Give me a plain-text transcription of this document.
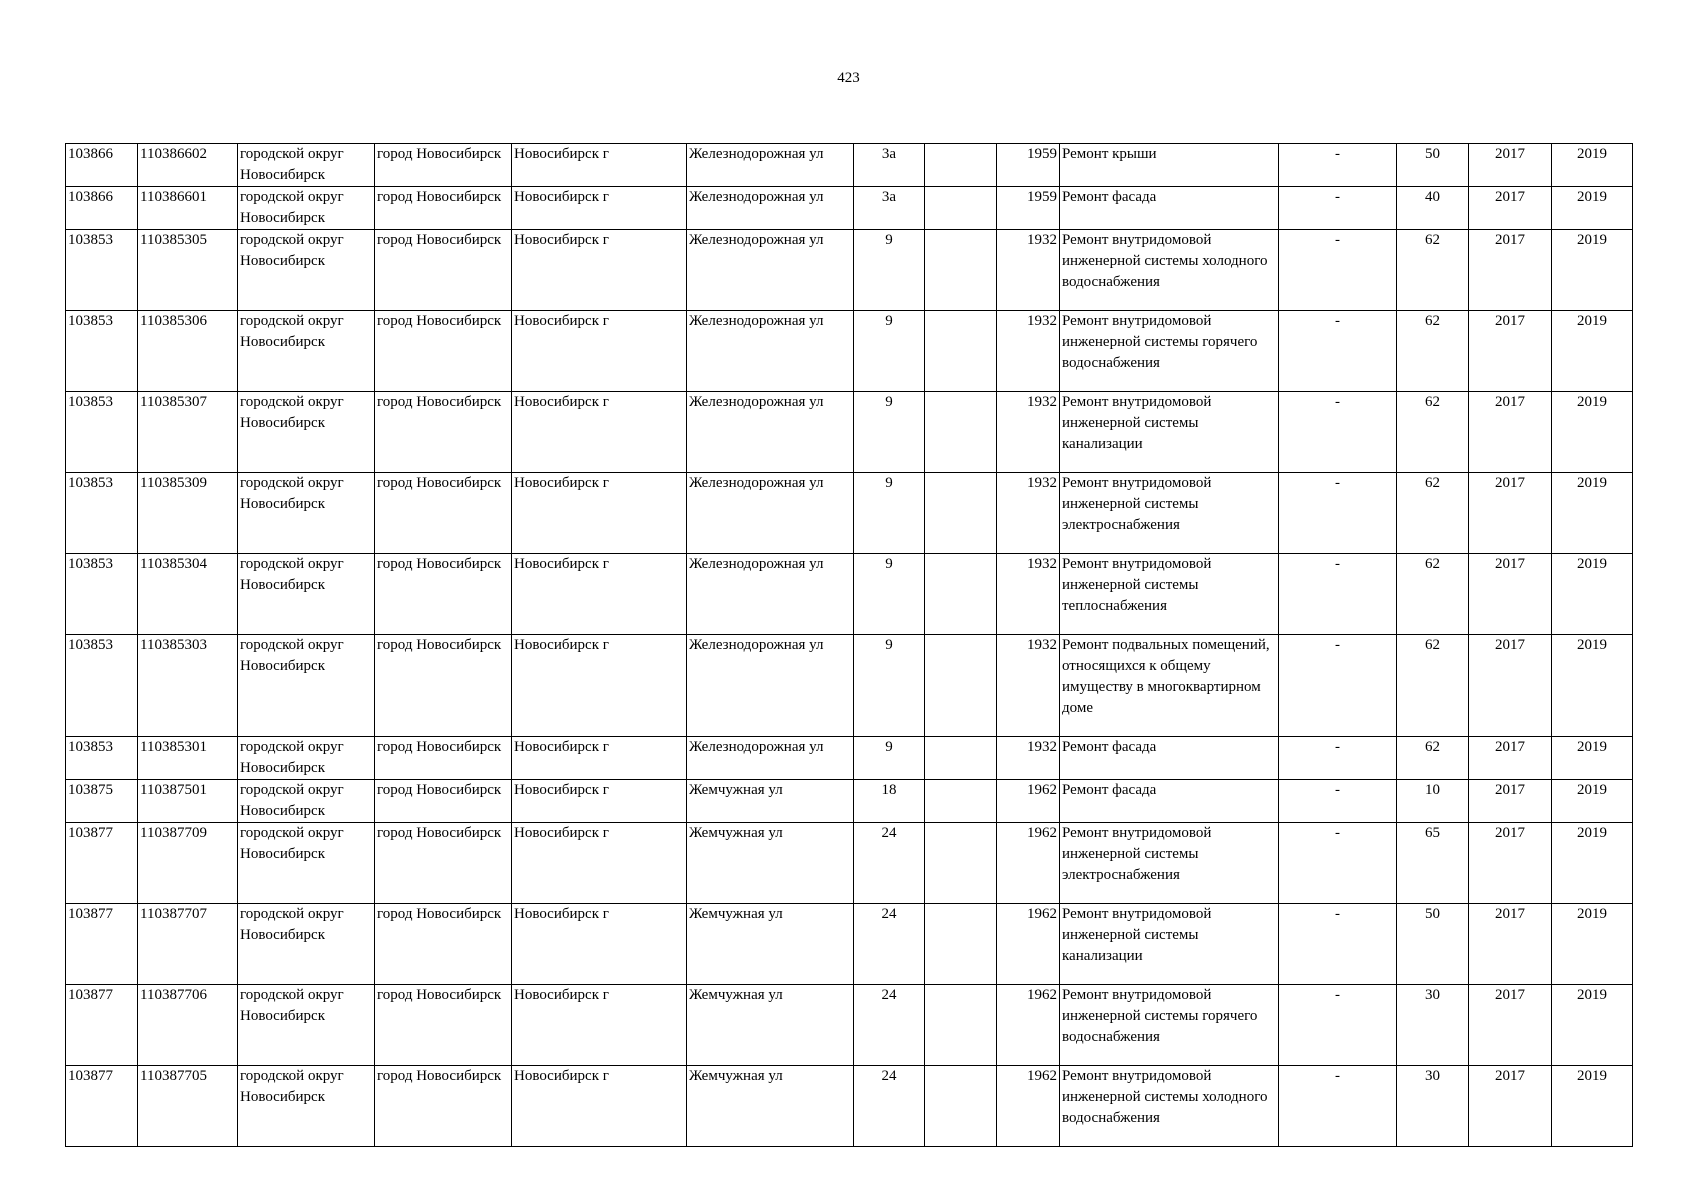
423
103866	110386602	городской округ Новосибирск	город Новосибирск	Новосибирск г	Железнодорожная ул	3а		1959	Ремонт крыши	-	50	2017	2019
103866	110386601	городской округ Новосибирск	город Новосибирск	Новосибирск г	Железнодорожная ул	3а		1959	Ремонт фасада	-	40	2017	2019
103853	110385305	городской округ Новосибирск	город Новосибирск	Новосибирск г	Железнодорожная ул	9		1932	Ремонт внутридомовой инженерной системы холодного водоснабжения	-	62	2017	2019
103853	110385306	городской округ Новосибирск	город Новосибирск	Новосибирск г	Железнодорожная ул	9		1932	Ремонт внутридомовой инженерной системы горячего водоснабжения	-	62	2017	2019
103853	110385307	городской округ Новосибирск	город Новосибирск	Новосибирск г	Железнодорожная ул	9		1932	Ремонт внутридомовой инженерной системы канализации	-	62	2017	2019
103853	110385309	городской округ Новосибирск	город Новосибирск	Новосибирск г	Железнодорожная ул	9		1932	Ремонт внутридомовой инженерной системы электроснабжения	-	62	2017	2019
103853	110385304	городской округ Новосибирск	город Новосибирск	Новосибирск г	Железнодорожная ул	9		1932	Ремонт внутридомовой инженерной системы теплоснабжения	-	62	2017	2019
103853	110385303	городской округ Новосибирск	город Новосибирск	Новосибирск г	Железнодорожная ул	9		1932	Ремонт подвальных помещений, относящихся к общему имуществу в многоквартирном доме	-	62	2017	2019
103853	110385301	городской округ Новосибирск	город Новосибирск	Новосибирск г	Железнодорожная ул	9		1932	Ремонт фасада	-	62	2017	2019
103875	110387501	городской округ Новосибирск	город Новосибирск	Новосибирск г	Жемчужная ул	18		1962	Ремонт фасада	-	10	2017	2019
103877	110387709	городской округ Новосибирск	город Новосибирск	Новосибирск г	Жемчужная ул	24		1962	Ремонт внутридомовой инженерной системы электроснабжения	-	65	2017	2019
103877	110387707	городской округ Новосибирск	город Новосибирск	Новосибирск г	Жемчужная ул	24		1962	Ремонт внутридомовой инженерной системы канализации	-	50	2017	2019
103877	110387706	городской округ Новосибирск	город Новосибирск	Новосибирск г	Жемчужная ул	24		1962	Ремонт внутридомовой инженерной системы горячего водоснабжения	-	30	2017	2019
103877	110387705	городской округ Новосибирск	город Новосибирск	Новосибирск г	Жемчужная ул	24		1962	Ремонт внутридомовой инженерной системы холодного водоснабжения	-	30	2017	2019
